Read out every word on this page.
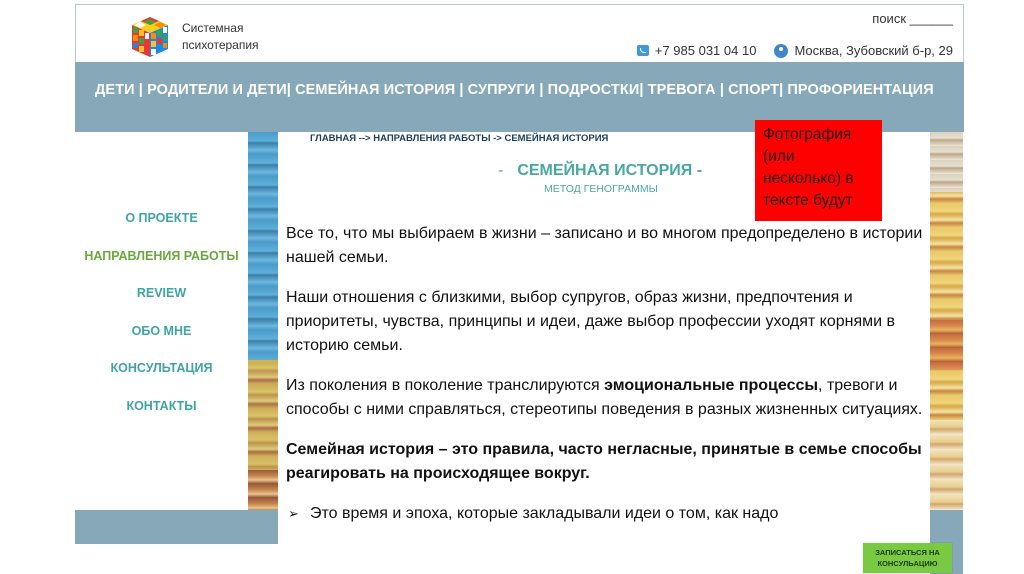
Системная
психотерапия
поиск ______
+7 985 031 04 10	Москва, Зубовский б-р, 29
ДЕТИ | РОДИТЕЛИ И ДЕТИ| СЕМЕЙНАЯ ИСТОРИЯ | СУПРУГИ | ПОДРОСТКИ| ТРЕВОГА | СПОРТ| ПРОФОРИЕНТАЦИЯ
О ПРОЕКТЕ
НАПРАВЛЕНИЯ РАБОТЫ
REVIEW
ОБО МНЕ
КОНСУЛЬТАЦИЯ
КОНТАКТЫ
ГЛАВНАЯ --> НАПРАВЛЕНИЯ РАБОТЫ -> СЕМЕЙНАЯ ИСТОРИЯ
- СЕМЕЙНАЯ ИСТОРИЯ -
МЕТОД ГЕНОГРАММЫ

Все то, что мы выбираем в жизни – записано и во многом предопределено в истории нашей семьи.

Наши отношения с близкими, выбор супругов, образ жизни, предпочтения и приоритеты, чувства, принципы и идеи, даже выбор профессии уходят корнями в историю семьи.

Из поколения в поколение транслируются эмоциональные процессы, тревоги и способы с ними справляться, стереотипы поведения в разных жизненных ситуациях.

Семейная история – это правила, часто негласные, принятые в семье способы реагировать на происходящее вокруг.

➢ Это время и эпоха, которые закладывали идеи о том, как надо
Фотография (или несколько) в тексте будут
ЗАПИСАТЬСЯ НА КОНСУЛЬАЦИЮ
